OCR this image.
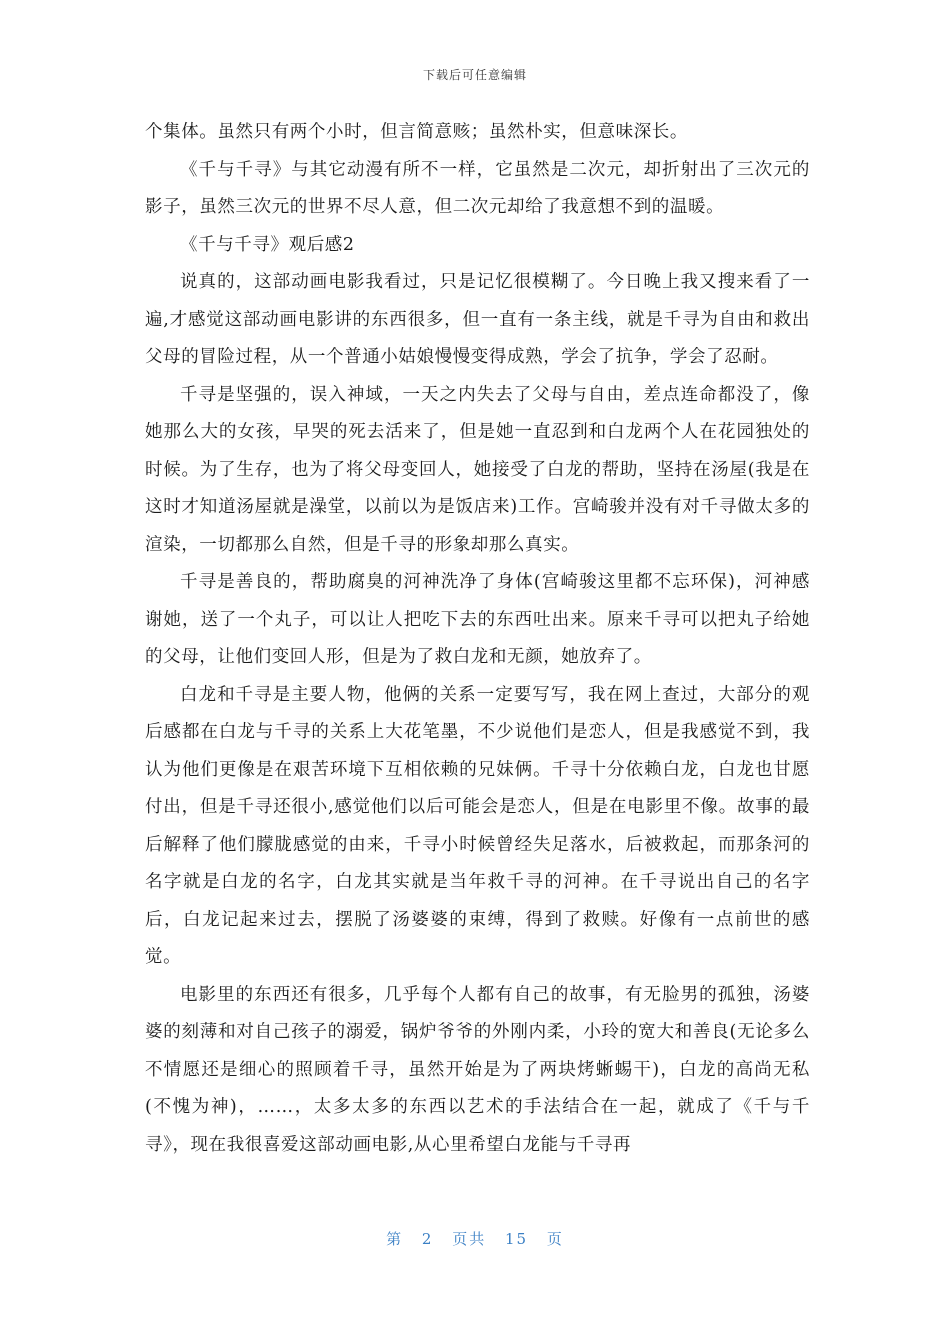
下载后可任意编辑

个集体。虽然只有两个小时，但言简意赅；虽然朴实，但意味深长。

《千与千寻》与其它动漫有所不一样，它虽然是二次元，却折射出了三次元的影子，虽然三次元的世界不尽人意，但二次元却给了我意想不到的温暖。

《千与千寻》观后感2

说真的，这部动画电影我看过，只是记忆很模糊了。今日晚上我又搜来看了一遍,才感觉这部动画电影讲的东西很多，但一直有一条主线，就是千寻为自由和救出父母的冒险过程，从一个普通小姑娘慢慢变得成熟，学会了抗争，学会了忍耐。

千寻是坚强的，误入神域，一天之内失去了父母与自由，差点连命都没了，像她那么大的女孩，早哭的死去活来了，但是她一直忍到和白龙两个人在花园独处的时候。为了生存，也为了将父母变回人，她接受了白龙的帮助，坚持在汤屋(我是在这时才知道汤屋就是澡堂，以前以为是饭店来)工作。宫崎骏并没有对千寻做太多的渲染，一切都那么自然，但是千寻的形象却那么真实。

千寻是善良的，帮助腐臭的河神洗净了身体(宫崎骏这里都不忘环保)，河神感谢她，送了一个丸子，可以让人把吃下去的东西吐出来。原来千寻可以把丸子给她的父母，让他们变回人形，但是为了救白龙和无颜，她放弃了。

白龙和千寻是主要人物，他俩的关系一定要写写，我在网上查过，大部分的观后感都在白龙与千寻的关系上大花笔墨，不少说他们是恋人，但是我感觉不到，我认为他们更像是在艰苦环境下互相依赖的兄妹俩。千寻十分依赖白龙，白龙也甘愿付出，但是千寻还很小,感觉他们以后可能会是恋人，但是在电影里不像。故事的最后解释了他们朦胧感觉的由来，千寻小时候曾经失足落水，后被救起，而那条河的名字就是白龙的名字，白龙其实就是当年救千寻的河神。在千寻说出自己的名字后，白龙记起来过去，摆脱了汤婆婆的束缚，得到了救赎。好像有一点前世的感觉。

电影里的东西还有很多，几乎每个人都有自己的故事，有无脸男的孤独，汤婆婆的刻薄和对自己孩子的溺爱，锅炉爷爷的外刚内柔，小玲的宽大和善良(无论多么不情愿还是细心的照顾着千寻，虽然开始是为了两块烤蜥蜴干)，白龙的高尚无私(不愧为神)，……，太多太多的东西以艺术的手法结合在一起，就成了《千与千寻》，现在我很喜爱这部动画电影,从心里希望白龙能与千寻再

第 2 页共 15 页
